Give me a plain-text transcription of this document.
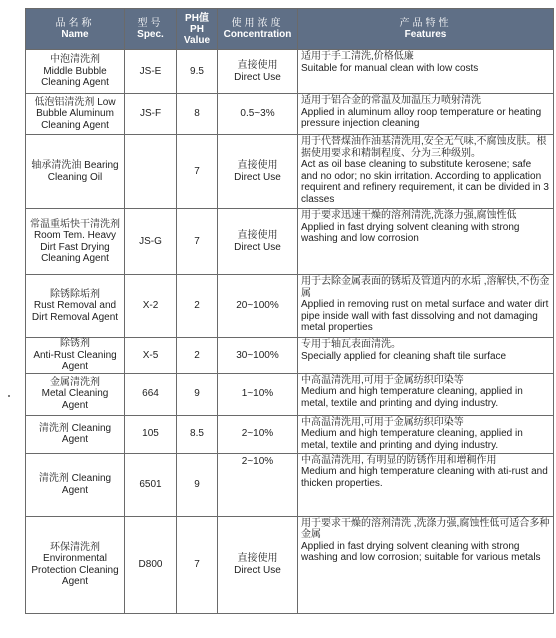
品名称
Name	型号
Spec.	PH值
PH Value	使用浓度
Concentration	产品特性
Features

中泡清洗剂
Middle Bubble Cleaning Agent	JS-E	9.5	直接使用
Direct Use	适用于手工清洗,价格低廉
Suitable for manual clean with low costs

低泡铝清洗剂 Low Bubble Aluminum Cleaning Agent	JS-F	8	0.5~3%	适用于铝合金的常温及加温压力喷射清洗
Applied in aluminum alloy roop temperature or heating pressure injection cleaning

轴承清洗油 Bearing Cleaning Oil		7	直接使用
Direct Use	用于代替煤油作油基清洗用,安全无气味,不腐蚀皮肤。根据使用要求和精制程度、分为三种级别。
Act as oil base cleaning to substitute kerosene; safe and no odor; no skin irritation. According to application requirent and refinery requirement, it can be divided in 3 classes

常温重垢快干清洗剂 Room Tem. Heavy Dirt Fast Drying Cleaning Agent	JS-G	7	直接使用
Direct Use	用于要求迅速干燥的溶剂清洗,洗涤力强,腐蚀性低
Applied in fast drying solvent cleaning with strong washing and low corrosion

除锈除垢剂
Rust Removal and Dirt Removal Agent	X-2	2	20~100%	用于去除金属表面的锈垢及管道内的水垢 ,溶解快,不伤金属
Applied in removing rust on metal surface and water dirt pipe inside wall with fast dissolving and not damaging metal properties

除锈剂
Anti-Rust Cleaning Agent	X-5	2	30~100%	专用于轴瓦表面清洗。
Specially applied for cleaning shaft tile surface

金属清洗剂
Metal Cleaning Agent	664	9	1~10%	中高温清洗用,可用于金属纺织印染等
Medium and high temperature cleaning, applied in metal, textile and printing and dying industry.

清洗剂 Cleaning Agent	105	8.5	2~10%	中高温清洗用,可用于金属纺织印染等
Medium and high temperature cleaning, applied in metal, textile and printing and dying industry.

清洗剂 Cleaning Agent	6501	9	2~10%	中高温清洗用, 有明显的防锈作用和增稠作用
Medium and high temperature cleaning with ati-rust and thicken properties.

环保清洗剂
Environmental Protection Cleaning Agent	D800	7	直接使用
Direct Use	用于要求干燥的溶剂清洗 ,洗涤力强,腐蚀性低可适合多种金属
Applied in fast drying solvent cleaning with strong washing and low corrosion; suitable for various metals
